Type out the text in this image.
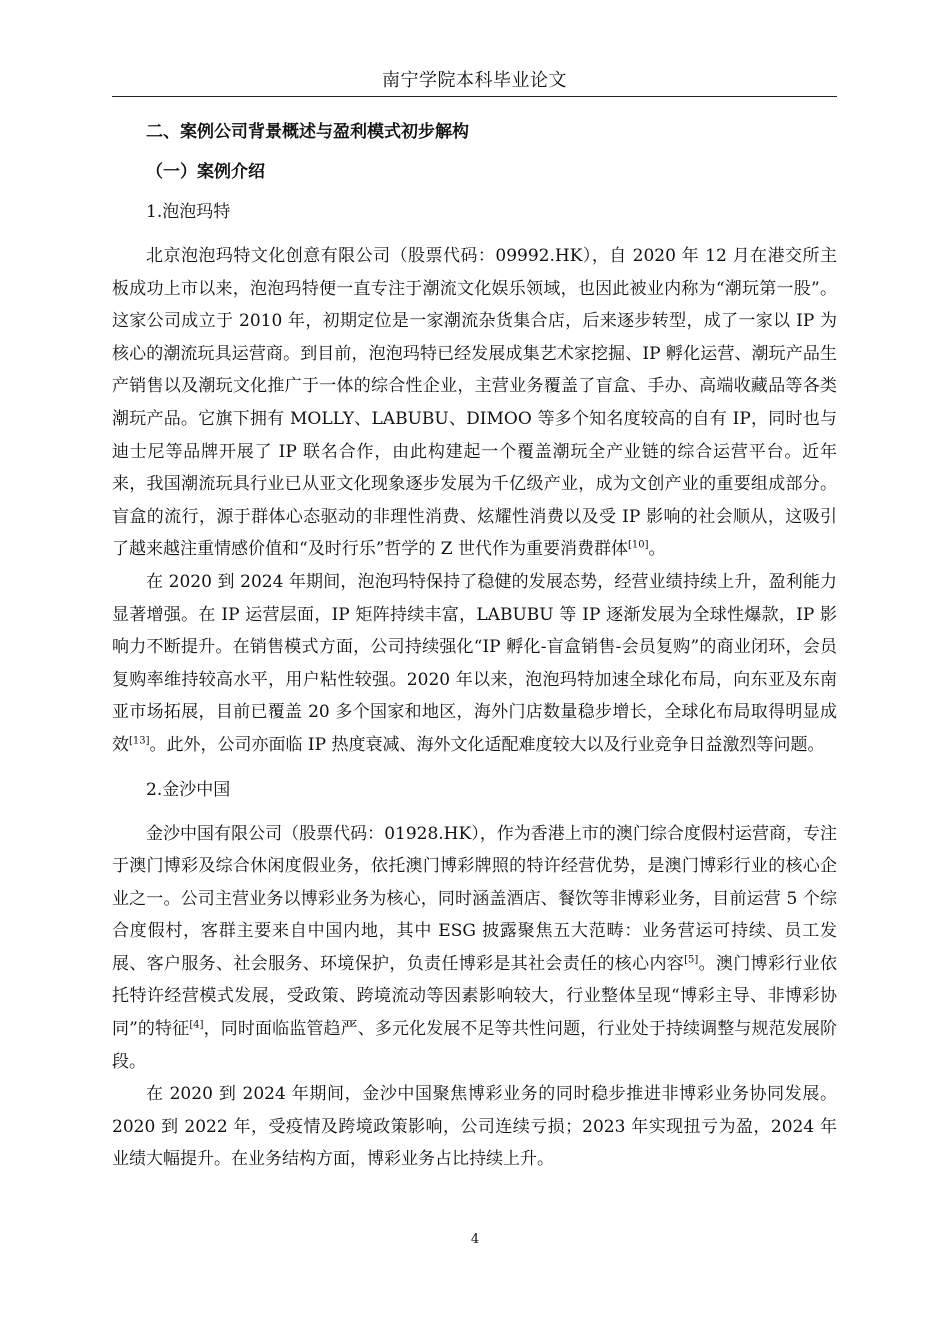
南宁学院本科毕业论文
二、案例公司背景概述与盈利模式初步解构
（一）案例介绍
1.泡泡玛特

北京泡泡玛特文化创意有限公司（股票代码：09992.HK），自 2020 年 12 月在港交所主板成功上市以来，泡泡玛特便一直专注于潮流文化娱乐领域，也因此被业内称为“潮玩第一股”。这家公司成立于 2010 年，初期定位是一家潮流杂货集合店，后来逐步转型，成了一家以 IP 为核心的潮流玩具运营商。到目前，泡泡玛特已经发展成集艺术家挖掘、IP 孵化运营、潮玩产品生产销售以及潮玩文化推广于一体的综合性企业，主营业务覆盖了盲盒、手办、高端收藏品等各类潮玩产品。它旗下拥有 MOLLY、LABUBU、DIMOO 等多个知名度较高的自有 IP，同时也与迪士尼等品牌开展了 IP 联名合作，由此构建起一个覆盖潮玩全产业链的综合运营平台。近年来，我国潮流玩具行业已从亚文化现象逐步发展为千亿级产业，成为文创产业的重要组成部分。盲盒的流行，源于群体心态驱动的非理性消费、炫耀性消费以及受 IP 影响的社会顺从，这吸引了越来越注重情感价值和“及时行乐”哲学的 Z 世代作为重要消费群体[10]。

在 2020 到 2024 年期间，泡泡玛特保持了稳健的发展态势，经营业绩持续上升，盈利能力显著增强。在 IP 运营层面，IP 矩阵持续丰富，LABUBU 等 IP 逐渐发展为全球性爆款，IP 影响力不断提升。在销售模式方面，公司持续强化“IP 孵化-盲盒销售-会员复购”的商业闭环，会员复购率维持较高水平，用户粘性较强。2020 年以来，泡泡玛特加速全球化布局，向东亚及东南亚市场拓展，目前已覆盖 20 多个国家和地区，海外门店数量稳步增长，全球化布局取得明显成效[13]。此外，公司亦面临 IP 热度衰减、海外文化适配难度较大以及行业竞争日益激烈等问题。

2.金沙中国

金沙中国有限公司（股票代码：01928.HK），作为香港上市的澳门综合度假村运营商，专注于澳门博彩及综合休闲度假业务，依托澳门博彩牌照的特许经营优势，是澳门博彩行业的核心企业之一。公司主营业务以博彩业务为核心，同时涵盖酒店、餐饮等非博彩业务，目前运营 5 个综合度假村，客群主要来自中国内地，其中 ESG 披露聚焦五大范畴：业务营运可持续、员工发展、客户服务、社会服务、环境保护，负责任博彩是其社会责任的核心内容[5]。澳门博彩行业依托特许经营模式发展，受政策、跨境流动等因素影响较大，行业整体呈现“博彩主导、非博彩协同”的特征[4]，同时面临监管趋严、多元化发展不足等共性问题，行业处于持续调整与规范发展阶段。

在 2020 到 2024 年期间，金沙中国聚焦博彩业务的同时稳步推进非博彩业务协同发展。2020 到 2022 年，受疫情及跨境政策影响，公司连续亏损；2023 年实现扭亏为盈，2024 年业绩大幅提升。在业务结构方面，博彩业务占比持续上升。

4
